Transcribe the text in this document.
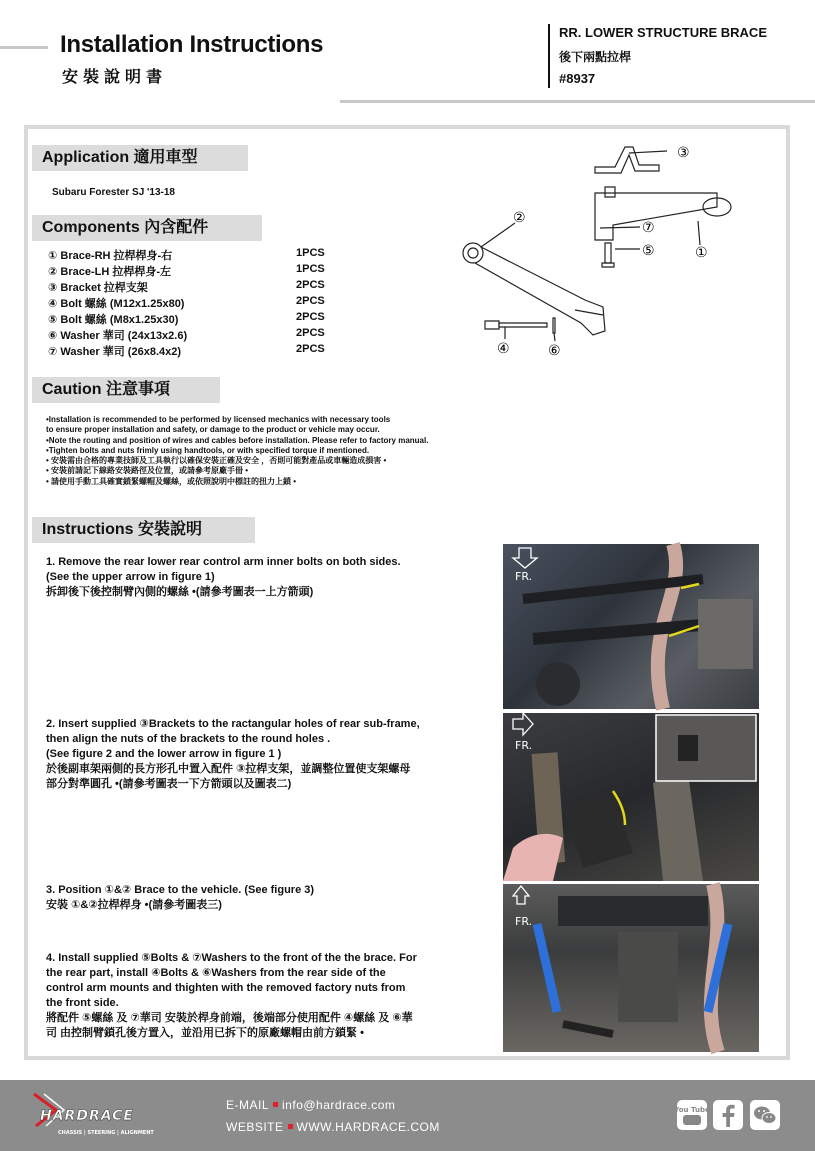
Installation Instructions
安裝說明書
RR. LOWER STRUCTURE BRACE
後下兩點拉桿
#8937
Application 適用車型
Subaru Forester SJ '13-18
Components 內含配件
① Brace-RH 拉桿桿身-右	1PCS
② Brace-LH 拉桿桿身-左	1PCS
③ Bracket 拉桿支架	2PCS
④ Bolt 螺絲 (M12x1.25x80)	2PCS
⑤ Bolt 螺絲 (M8x1.25x30)	2PCS
⑥ Washer 華司 (24x13x2.6)	2PCS
⑦ Washer 華司 (26x8.4x2)	2PCS
③
②
⑦
⑤	①
④	⑥
Caution 注意事項
•Installation is recommended to be performed by licensed mechanics with necessary tools
to ensure proper installation and safety, or damage to the product or vehicle may occur.
•Note the routing and position of wires and cables before installation. Please refer to factory manual.
•Tighten bolts and nuts frimly using handtools, or with specified torque if mentioned.
• 安裝需由合格的專業技師及工具執行以確保安裝正確及安全 ，否則可能對產品或車輛造成損害 •
• 安裝前請記下線路安裝路徑及位置，或請參考原廠手冊 •
• 請使用手動工具確實鎖緊螺帽及螺絲，或依照說明中標註的扭力上鎖 •
Instructions 安裝說明
1. Remove the rear lower rear control arm inner bolts on both sides.
(See the upper arrow in figure 1)
拆卸後下後控制臂內側的螺絲 •(請參考圖表一上方箭頭)
2. Insert supplied ③Brackets to the ractangular holes of rear sub-frame,
then align the nuts of the brackets to the round holes .
(See figure 2 and the lower arrow in figure 1 )
於後副車架兩側的長方形孔中置入配件 ③拉桿支架，並調整位置使支架螺母
部分對準圓孔 •(請參考圖表一下方箭頭以及圖表二)
3. Position ①&② Brace to the vehicle. (See figure 3)
安裝 ①&②拉桿桿身 •(請參考圖表三)
4. Install supplied ⑤Bolts & ⑦Washers to the front of the the brace. For
the rear part, install ④Bolts & ⑥Washers from the rear side of the
control arm mounts and thighten with the removed factory nuts from
the front side.
將配件 ⑤螺絲 及 ⑦華司 安裝於桿身前端，後端部分使用配件 ④螺絲 及 ⑥華
司 由控制臂鎖孔後方置入，並沿用已拆下的原廠螺帽由前方鎖緊 •
FR.
FR.
FR.
HARDRACE
CHASSIS | STEERING | ALIGNMENT
E-MAIL info@hardrace.com
WEBSITE WWW.HARDRACE.COM
You Tube
